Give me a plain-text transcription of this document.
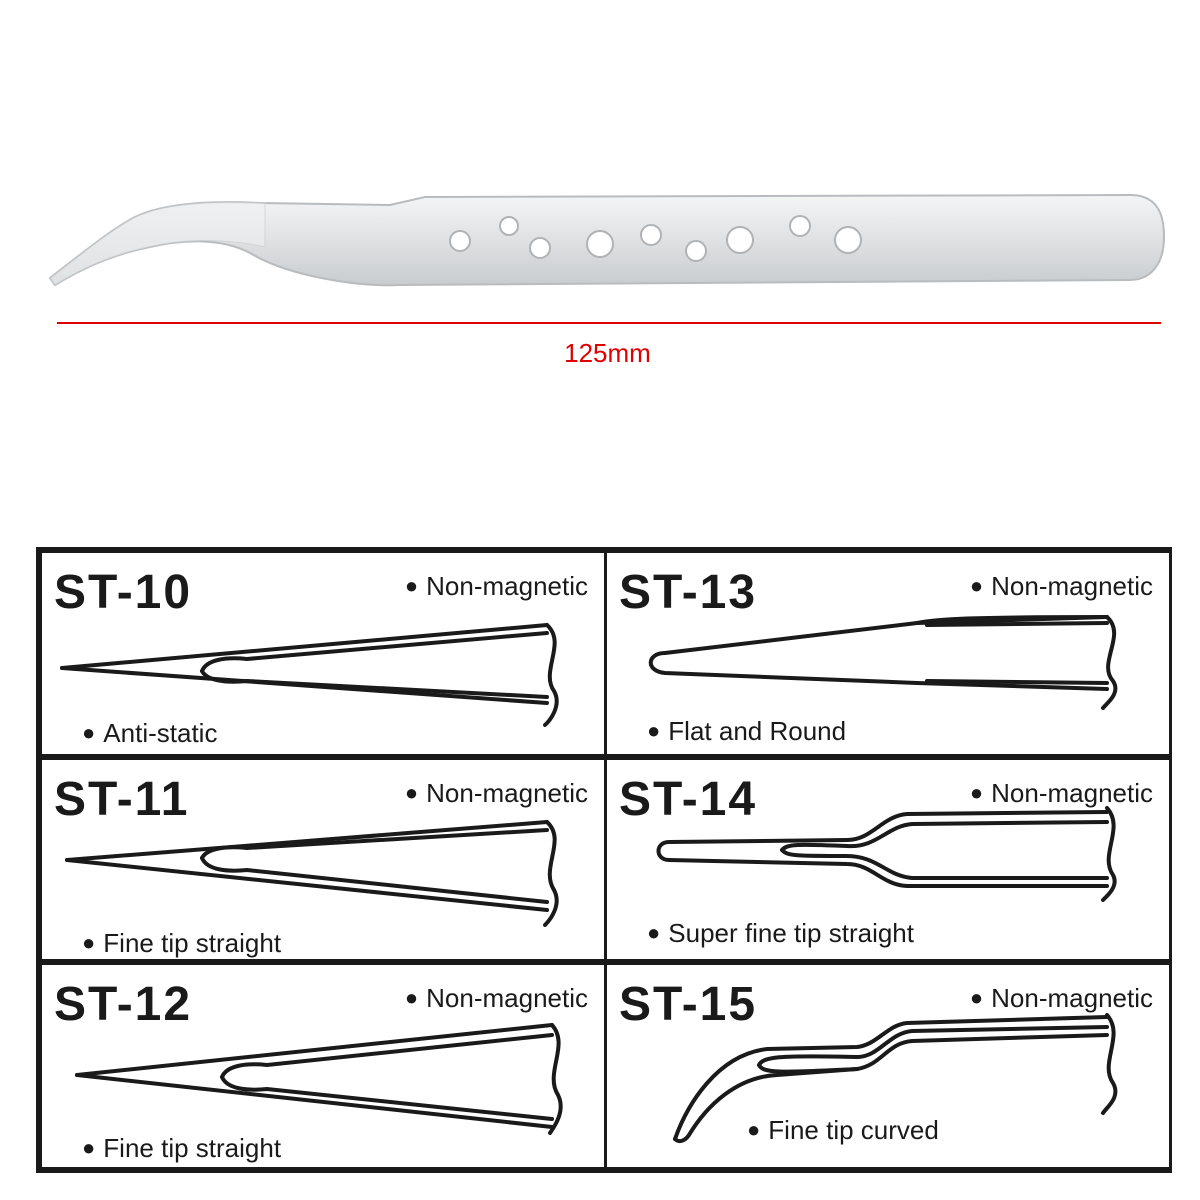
125mm
ST-10	● Non-magnetic
● Anti-static
ST-11	● Non-magnetic
● Fine tip straight
ST-12	● Non-magnetic
● Fine tip straight
ST-13	● Non-magnetic
● Flat and Round
ST-14	● Non-magnetic
● Super fine tip straight
ST-15	● Non-magnetic
● Fine tip curved
